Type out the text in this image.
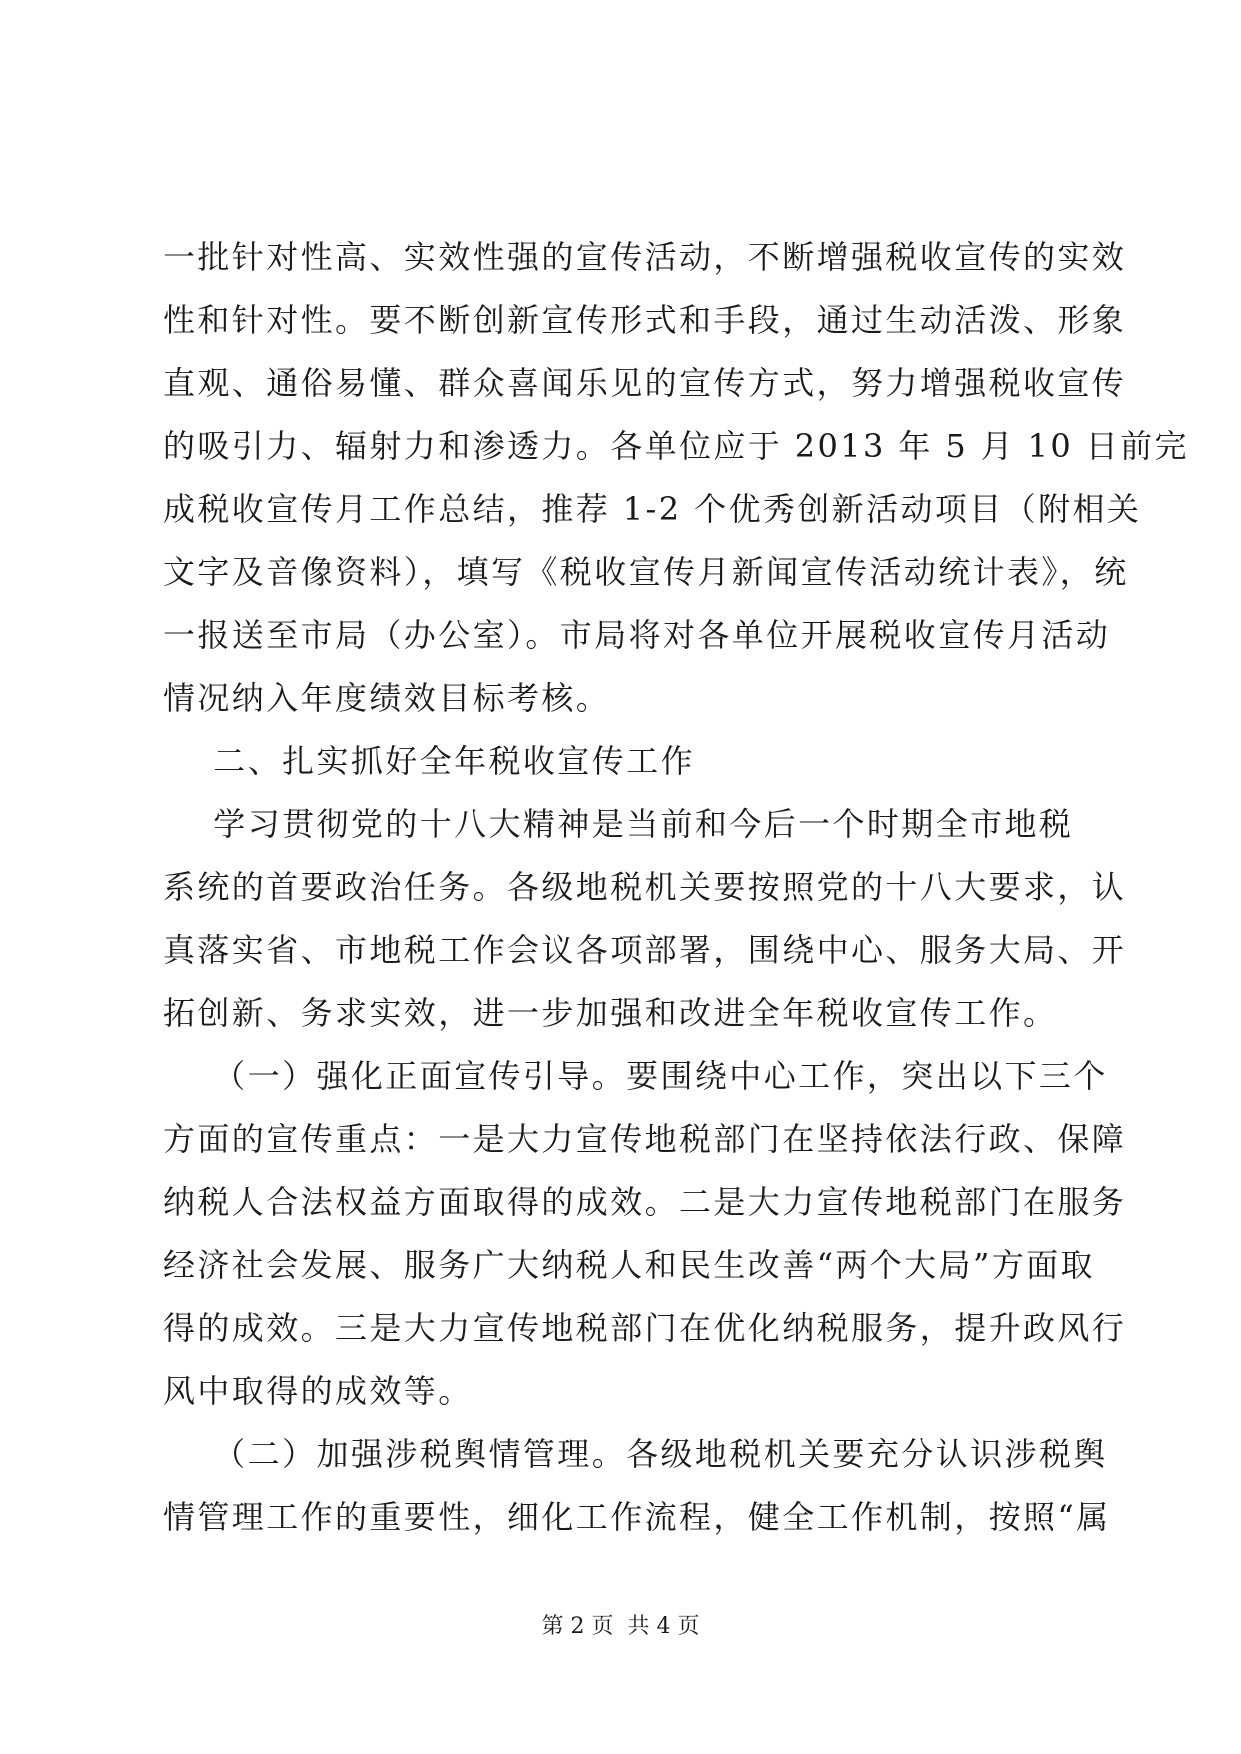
一批针对性高、实效性强的宣传活动，不断增强税收宣传的实效
性和针对性。要不断创新宣传形式和手段，通过生动活泼、形象
直观、通俗易懂、群众喜闻乐见的宣传方式，努力增强税收宣传
的吸引力、辐射力和渗透力。各单位应于 2013 年 5 月 10 日前完
成税收宣传月工作总结，推荐 1-2 个优秀创新活动项目（附相关
文字及音像资料），填写《税收宣传月新闻宣传活动统计表》，统
一报送至市局（办公室）。市局将对各单位开展税收宣传月活动
情况纳入年度绩效目标考核。
二、扎实抓好全年税收宣传工作
学习贯彻党的十八大精神是当前和今后一个时期全市地税
系统的首要政治任务。各级地税机关要按照党的十八大要求，认
真落实省、市地税工作会议各项部署，围绕中心、服务大局、开
拓创新、务求实效，进一步加强和改进全年税收宣传工作。
（一）强化正面宣传引导。要围绕中心工作，突出以下三个
方面的宣传重点：一是大力宣传地税部门在坚持依法行政、保障
纳税人合法权益方面取得的成效。二是大力宣传地税部门在服务
经济社会发展、服务广大纳税人和民生改善“两个大局”方面取
得的成效。三是大力宣传地税部门在优化纳税服务，提升政风行
风中取得的成效等。
（二）加强涉税舆情管理。各级地税机关要充分认识涉税舆
情管理工作的重要性，细化工作流程，健全工作机制，按照“属
第 2 页  共 4 页
